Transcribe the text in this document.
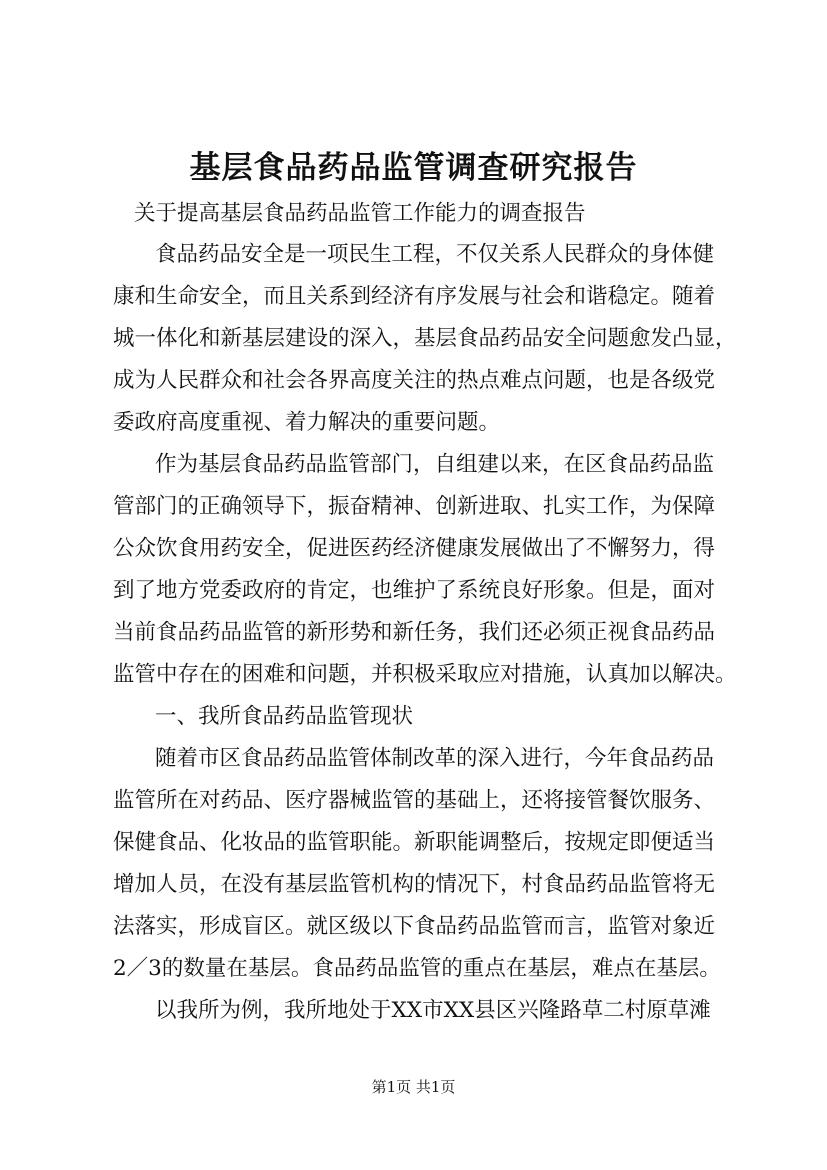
基层食品药品监管调查研究报告

关于提高基层食品药品监管工作能力的调查报告

食品药品安全是一项民生工程，不仅关系人民群众的身体健

康和生命安全，而且关系到经济有序发展与社会和谐稳定。随着

城一体化和新基层建设的深入，基层食品药品安全问题愈发凸显，

成为人民群众和社会各界高度关注的热点难点问题，也是各级党

委政府高度重视、着力解决的重要问题。

作为基层食品药品监管部门，自组建以来，在区食品药品监

管部门的正确领导下，振奋精神、创新进取、扎实工作，为保障

公众饮食用药安全，促进医药经济健康发展做出了不懈努力，得

到了地方党委政府的肯定，也维护了系统良好形象。但是，面对

当前食品药品监管的新形势和新任务，我们还必须正视食品药品

监管中存在的困难和问题，并积极采取应对措施，认真加以解决。

一、我所食品药品监管现状

随着市区食品药品监管体制改革的深入进行，今年食品药品

监管所在对药品、医疗器械监管的基础上，还将接管餐饮服务、

保健食品、化妆品的监管职能。新职能调整后，按规定即便适当

增加人员，在没有基层监管机构的情况下，村食品药品监管将无

法落实，形成盲区。就区级以下食品药品监管而言，监管对象近

2／3的数量在基层。食品药品监管的重点在基层，难点在基层。

以我所为例，我所地处于XX市XX县区兴隆路草二村原草滩

第1页 共1页
